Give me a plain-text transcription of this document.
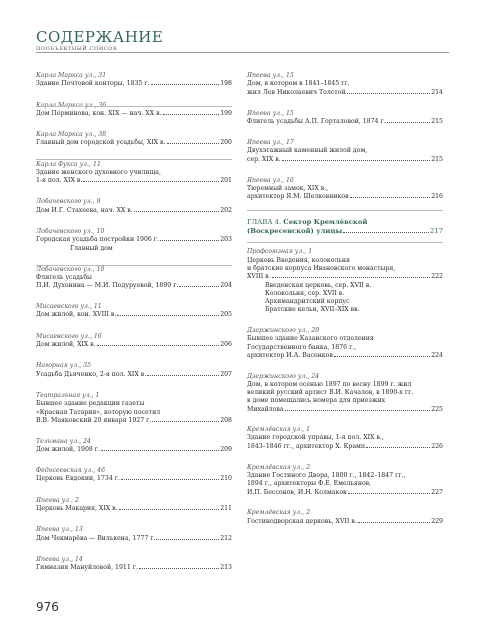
СОДЕРЖАНИЕ
ПООБЪЕКТНЫЙ СПИСОК
Карла Маркса ул., 31
Здание Почтовой конторы, 1835 г.	198
Карла Маркса ул., 36
Дом Перминова, кон. XIX — нач. XX в.	199
Карла Маркса ул., 38
Главный дом городской усадьбы, XIX в.	200
Карла Фукса ул., 11
Здание женского духовного училища,
1-я пол. XIX в.	201
Лобачевского ул., 9
Дом И.Г. Стахеева, нач. XX в.	202
Лобачевского ул., 10
Городская усадьба постройки 1906 г.	203
Главный дом
Лобачевского ул., 10
Флигель усадьбы
П.И. Духонина — М.И. Подуруевой, 1899 г.	204
Мисаевского ул., 11
Дом жилой, кон. XVIII в.	205
Мисаевского ул., 16
Дом жилой, XIX в.	206
Нагорная ул., 35
Усадьба Дьяченко, 2-я пол. XIX в.	207
Театральная ул., 1
Бывшее здание редакции газеты
«Красная Татария», которую посетил
В.В. Маяковский 20 января 1927 г.	208
Тельмана ул., 24
Дом жилой, 1908 г.	209
Федосеевская ул., 46
Церковь Евдокии, 1734 г.	210
Япеева ул., 2
Церковь Макария, XIX в.	211
Япеева ул., 13
Дом Чекмарёва — Вилькена, 1777 г.	212
Япеева ул., 14
Гимназия Мануйловой, 1911 г.	213
Япеева ул., 15
Дом, в котором в 1841–1845 гг.
жил Лев Николаевич Толстой	214
Япеева ул., 15
Флигель усадьбы А.П. Горталовой, 1874 г.	215
Япеева ул., 17
Двухэтажный каменный жилой дом,
сер. XIX в.	215
Япеева ул., 16
Тюремный замок, XIX в.,
архитектор Я.М. Шелковников	216
ГЛАВА 4. Сектор Кремлёвской
(Воскресенской) улицы	217
Профсоюзная ул., 1
Церковь Введения, колокольня
и братские корпуса Ивановского монастыря,
XVIII в.	222
Введенская церковь, сер. XVII в.
Колокольня, сер. XVII в.
Архимандритский корпус
Братские кельи, XVII–XIX вв.
Дзержинского ул., 20
Бывшее здание Казанского отделения
Государственного банка, 1876 г.,
архитектор И.А. Васенков	224
Дзержинского ул., 24
Дом, в котором осенью 1897 по весну 1899 г. жил
великий русский артист В.И. Качалов, в 1890-х гг.
в доме помещались номера для приезжих
Михайлова	225
Кремлёвская ул., 1
Здание городской управы, 1-я пол. XIX в.,
1843–1846 гг., архитектор Х. Крамп	226
Кремлёвская ул., 2
Здание Гостиного Двора, 1800 г., 1842–1847 гг.,
1894 г., архитекторы Ф.Е. Емельянов,
И.П. Бессонов, И.Н. Колмаков	227
Кремлёвская ул., 2
Гостинодворская церковь, XVII в.	229
976
